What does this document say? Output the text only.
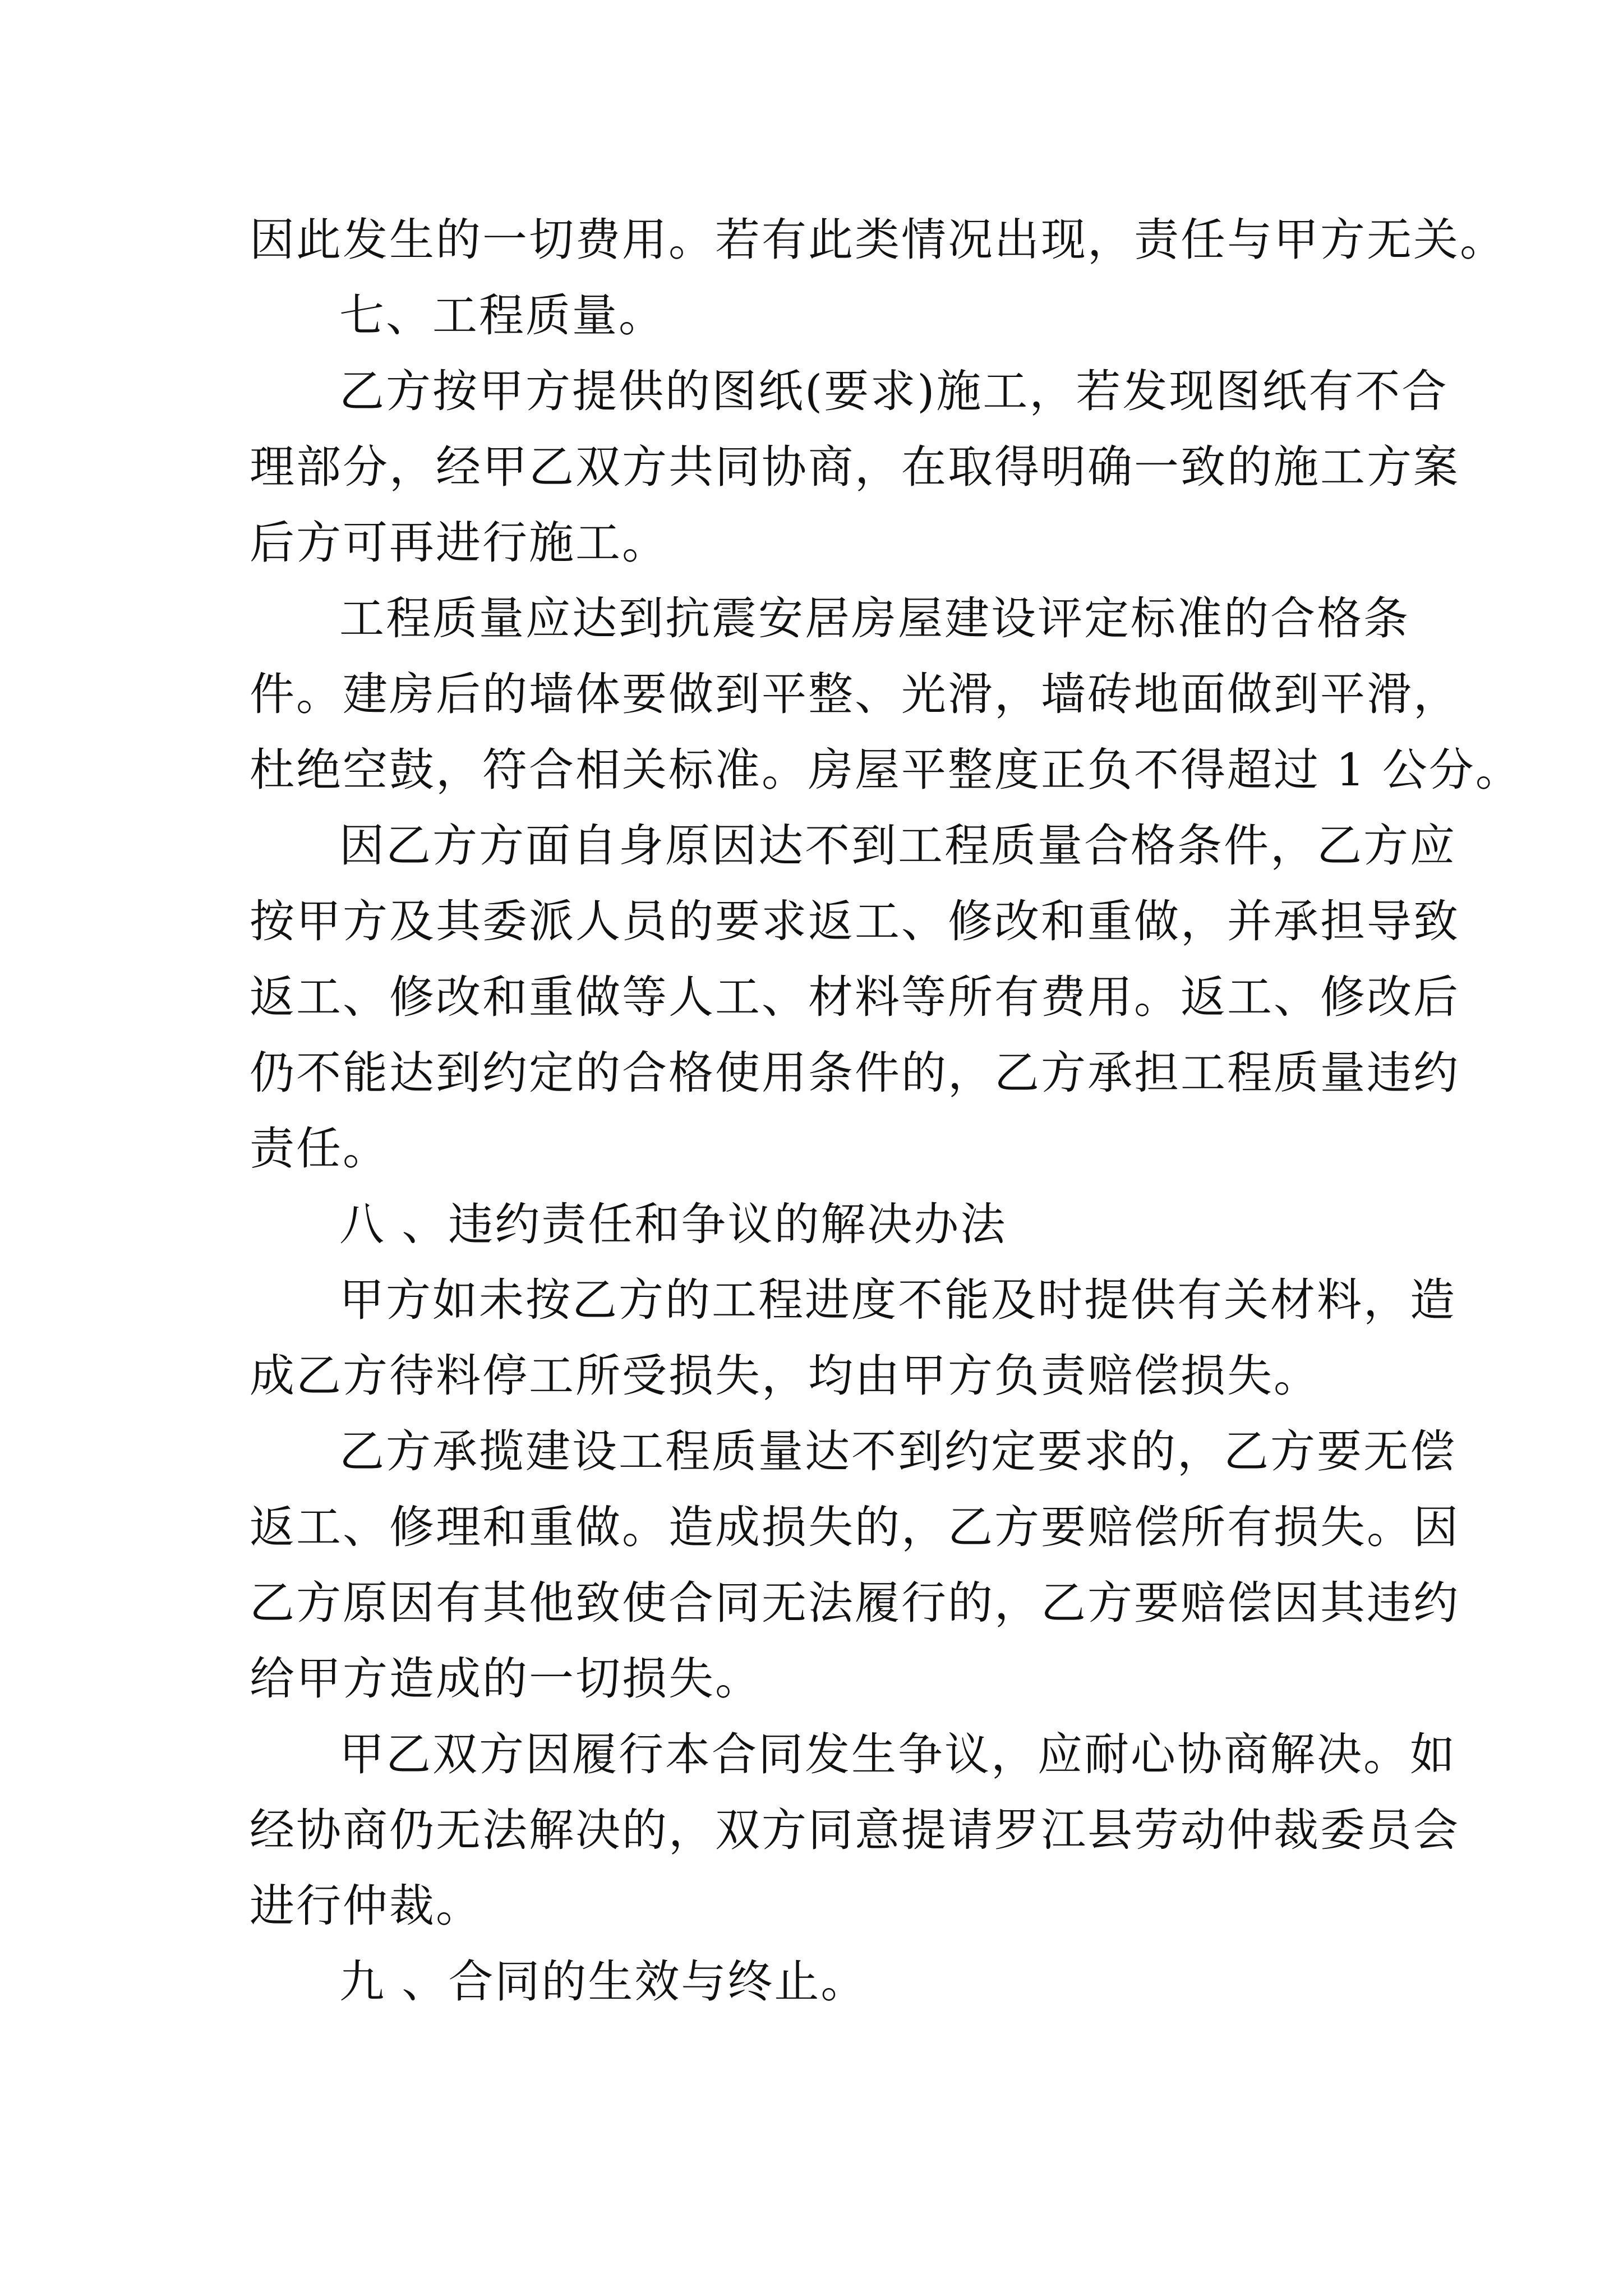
因此发生的一切费用。若有此类情况出现，责任与甲方无关。
七、工程质量。
乙方按甲方提供的图纸(要求)施工，若发现图纸有不合
理部分，经甲乙双方共同协商，在取得明确一致的施工方案
后方可再进行施工。
工程质量应达到抗震安居房屋建设评定标准的合格条
件。建房后的墙体要做到平整、光滑，墙砖地面做到平滑，
杜绝空鼓，符合相关标准。房屋平整度正负不得超过 1 公分。
因乙方方面自身原因达不到工程质量合格条件，乙方应
按甲方及其委派人员的要求返工、修改和重做，并承担导致
返工、修改和重做等人工、材料等所有费用。返工、修改后
仍不能达到约定的合格使用条件的，乙方承担工程质量违约
责任。
八 、违约责任和争议的解决办法
甲方如未按乙方的工程进度不能及时提供有关材料，造
成乙方待料停工所受损失，均由甲方负责赔偿损失。
乙方承揽建设工程质量达不到约定要求的，乙方要无偿
返工、修理和重做。造成损失的，乙方要赔偿所有损失。因
乙方原因有其他致使合同无法履行的，乙方要赔偿因其违约
给甲方造成的一切损失。
甲乙双方因履行本合同发生争议，应耐心协商解决。如
经协商仍无法解决的，双方同意提请罗江县劳动仲裁委员会
进行仲裁。
九 、合同的生效与终止。
